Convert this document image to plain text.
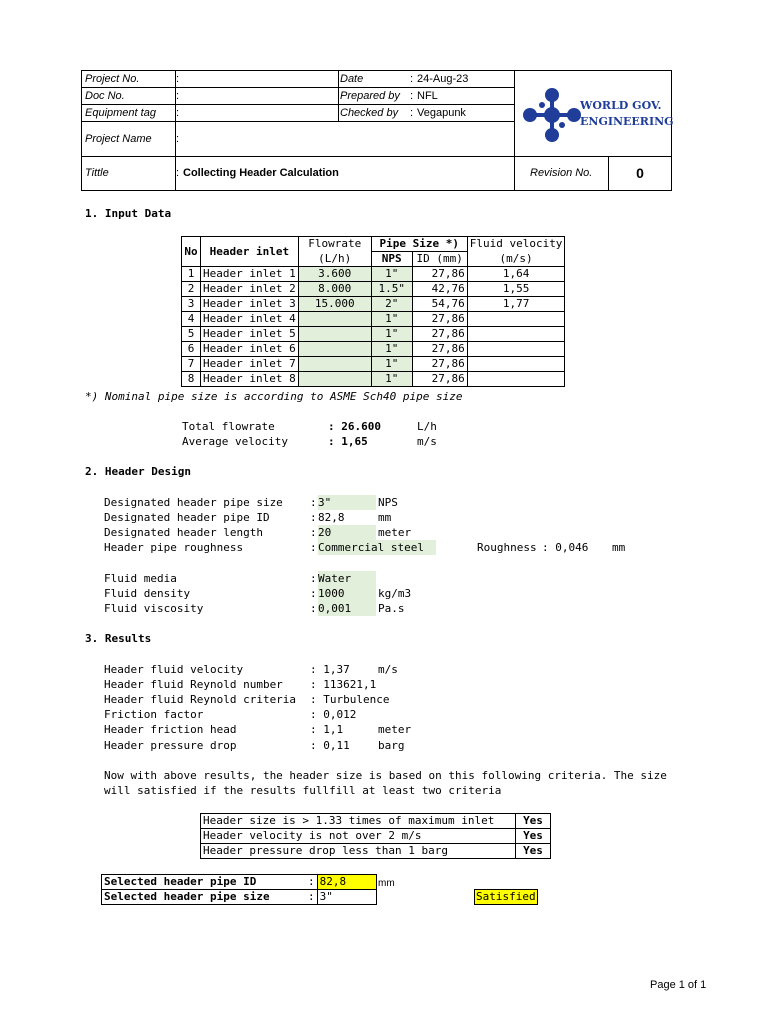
Project No.	:
Doc No.	:
Equipment tag :
Project Name :
Tittle	: Collecting Header Calculation
Date	: 24-Aug-23
Prepared by : NFL
Checked by : Vegapunk
Revision No.	0
WORLD GOV.
ENGINEERING
1. Input Data
No	Header inlet	Flowrate	Pipe Size *)		Fluid velocity
		(L/h)	NPS	ID (mm)	(m/s)
1	Header inlet 1	3.600	1"	27,86	1,64
2	Header inlet 2	8.000	1.5"	42,76	1,55
3	Header inlet 3	15.000	2"	54,76	1,77
4	Header inlet 4		1"	27,86	
5	Header inlet 5		1"	27,86	
6	Header inlet 6		1"	27,86	
7	Header inlet 7		1"	27,86	
8	Header inlet 8		1"	27,86	
*) Nominal pipe size is according to ASME Sch40 pipe size
Total flowrate	: 26.600	L/h
Average velocity	: 1,65	m/s
2. Header Design
Designated header pipe size : 3"	NPS
Designated header pipe ID	: 82,8	mm
Designated header length	: 20	meter
Header pipe roughness	: Commercial steel	Roughness : 0,046 mm
Fluid media	: Water
Fluid density	: 1000	kg/m3
Fluid viscosity	: 0,001	Pa.s
3. Results
Header fluid velocity	: 1,37	m/s
Header fluid Reynold number : 113621,1
Header fluid Reynold criteria : Turbulence
Friction factor	: 0,012
Header friction head	: 1,1	meter
Header pressure drop	: 0,11	barg
Now with above results, the header size is based on this following criteria. The size
will satisfied if the results fullfill at least two criteria
Header size is > 1.33 times of maximum inlet	Yes
Header velocity is not over 2 m/s	Yes
Header pressure drop less than 1 barg	Yes
Selected header pipe ID	:	82,8
Selected header pipe size	:	3"
mm
Satisfied
Page 1 of 1
